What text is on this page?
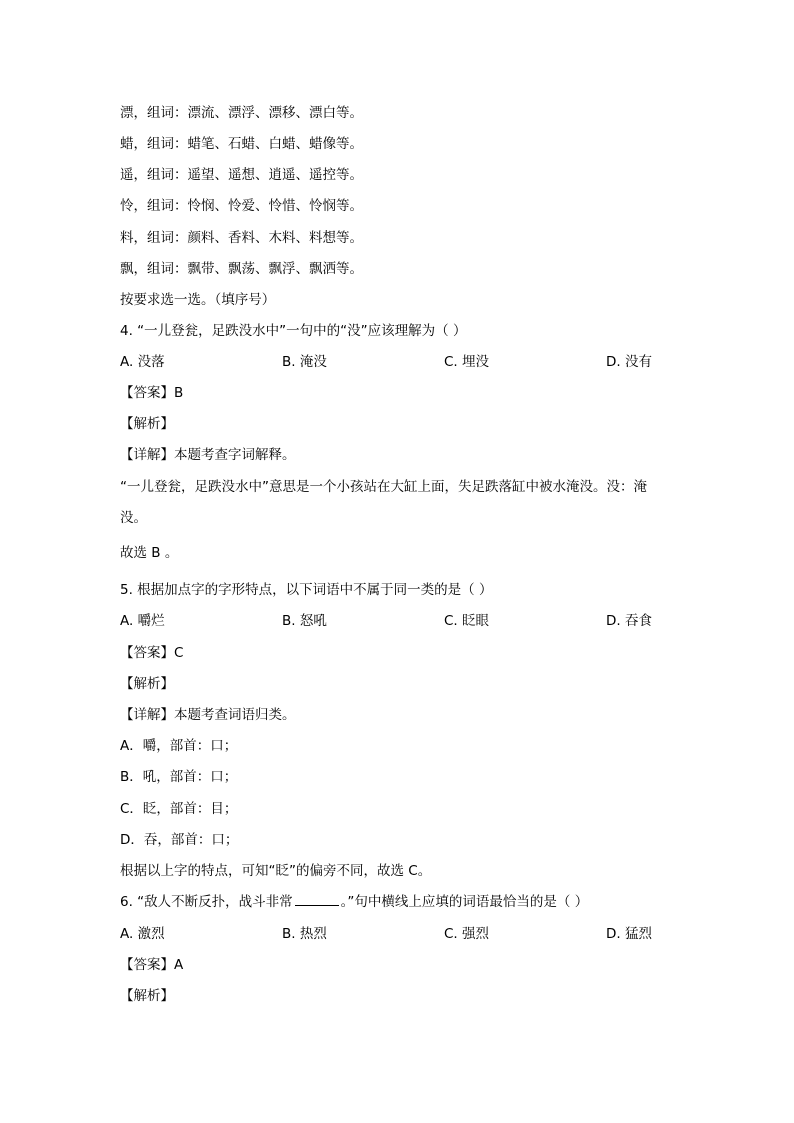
漂，组词：漂流、漂浮、漂移、漂白等。
蜡，组词：蜡笔、石蜡、白蜡、蜡像等。
遥，组词：遥望、遥想、逍遥、遥控等。
怜，组词：怜悯、怜爱、怜惜、怜悯等。
料，组词：颜料、香料、木料、料想等。
飘，组词：飘带、飘荡、飘浮、飘洒等。
按要求选一选。（填序号）
4. “一儿登瓮，足跌没水中”一句中的“没”应该理解为（ ）
A. 没落	B. 淹没	C. 埋没	D. 没有
【答案】B
【解析】
【详解】本题考查字词解释。
“一儿登瓮，足跌没水中”意思是一个小孩站在大缸上面，失足跌落缸中被水淹没。没：淹
没。
故选 B 。
5. 根据加点字的字形特点，以下词语中不属于同一类的是（ ）
A. 嚼烂	B. 怒吼	C. 眨眼	D. 吞食
【答案】C
【解析】
【详解】本题考查词语归类。
A．嚼，部首：口；
B．吼，部首：口；
C．眨，部首：目；
D．吞，部首：口；
根据以上字的特点，可知“眨”的偏旁不同，故选 C。
6. “敌人不断反扑，战斗非常	。”句中横线上应填的词语最恰当的是（ ）
A. 激烈	B. 热烈	C. 强烈	D. 猛烈
【答案】A
【解析】
